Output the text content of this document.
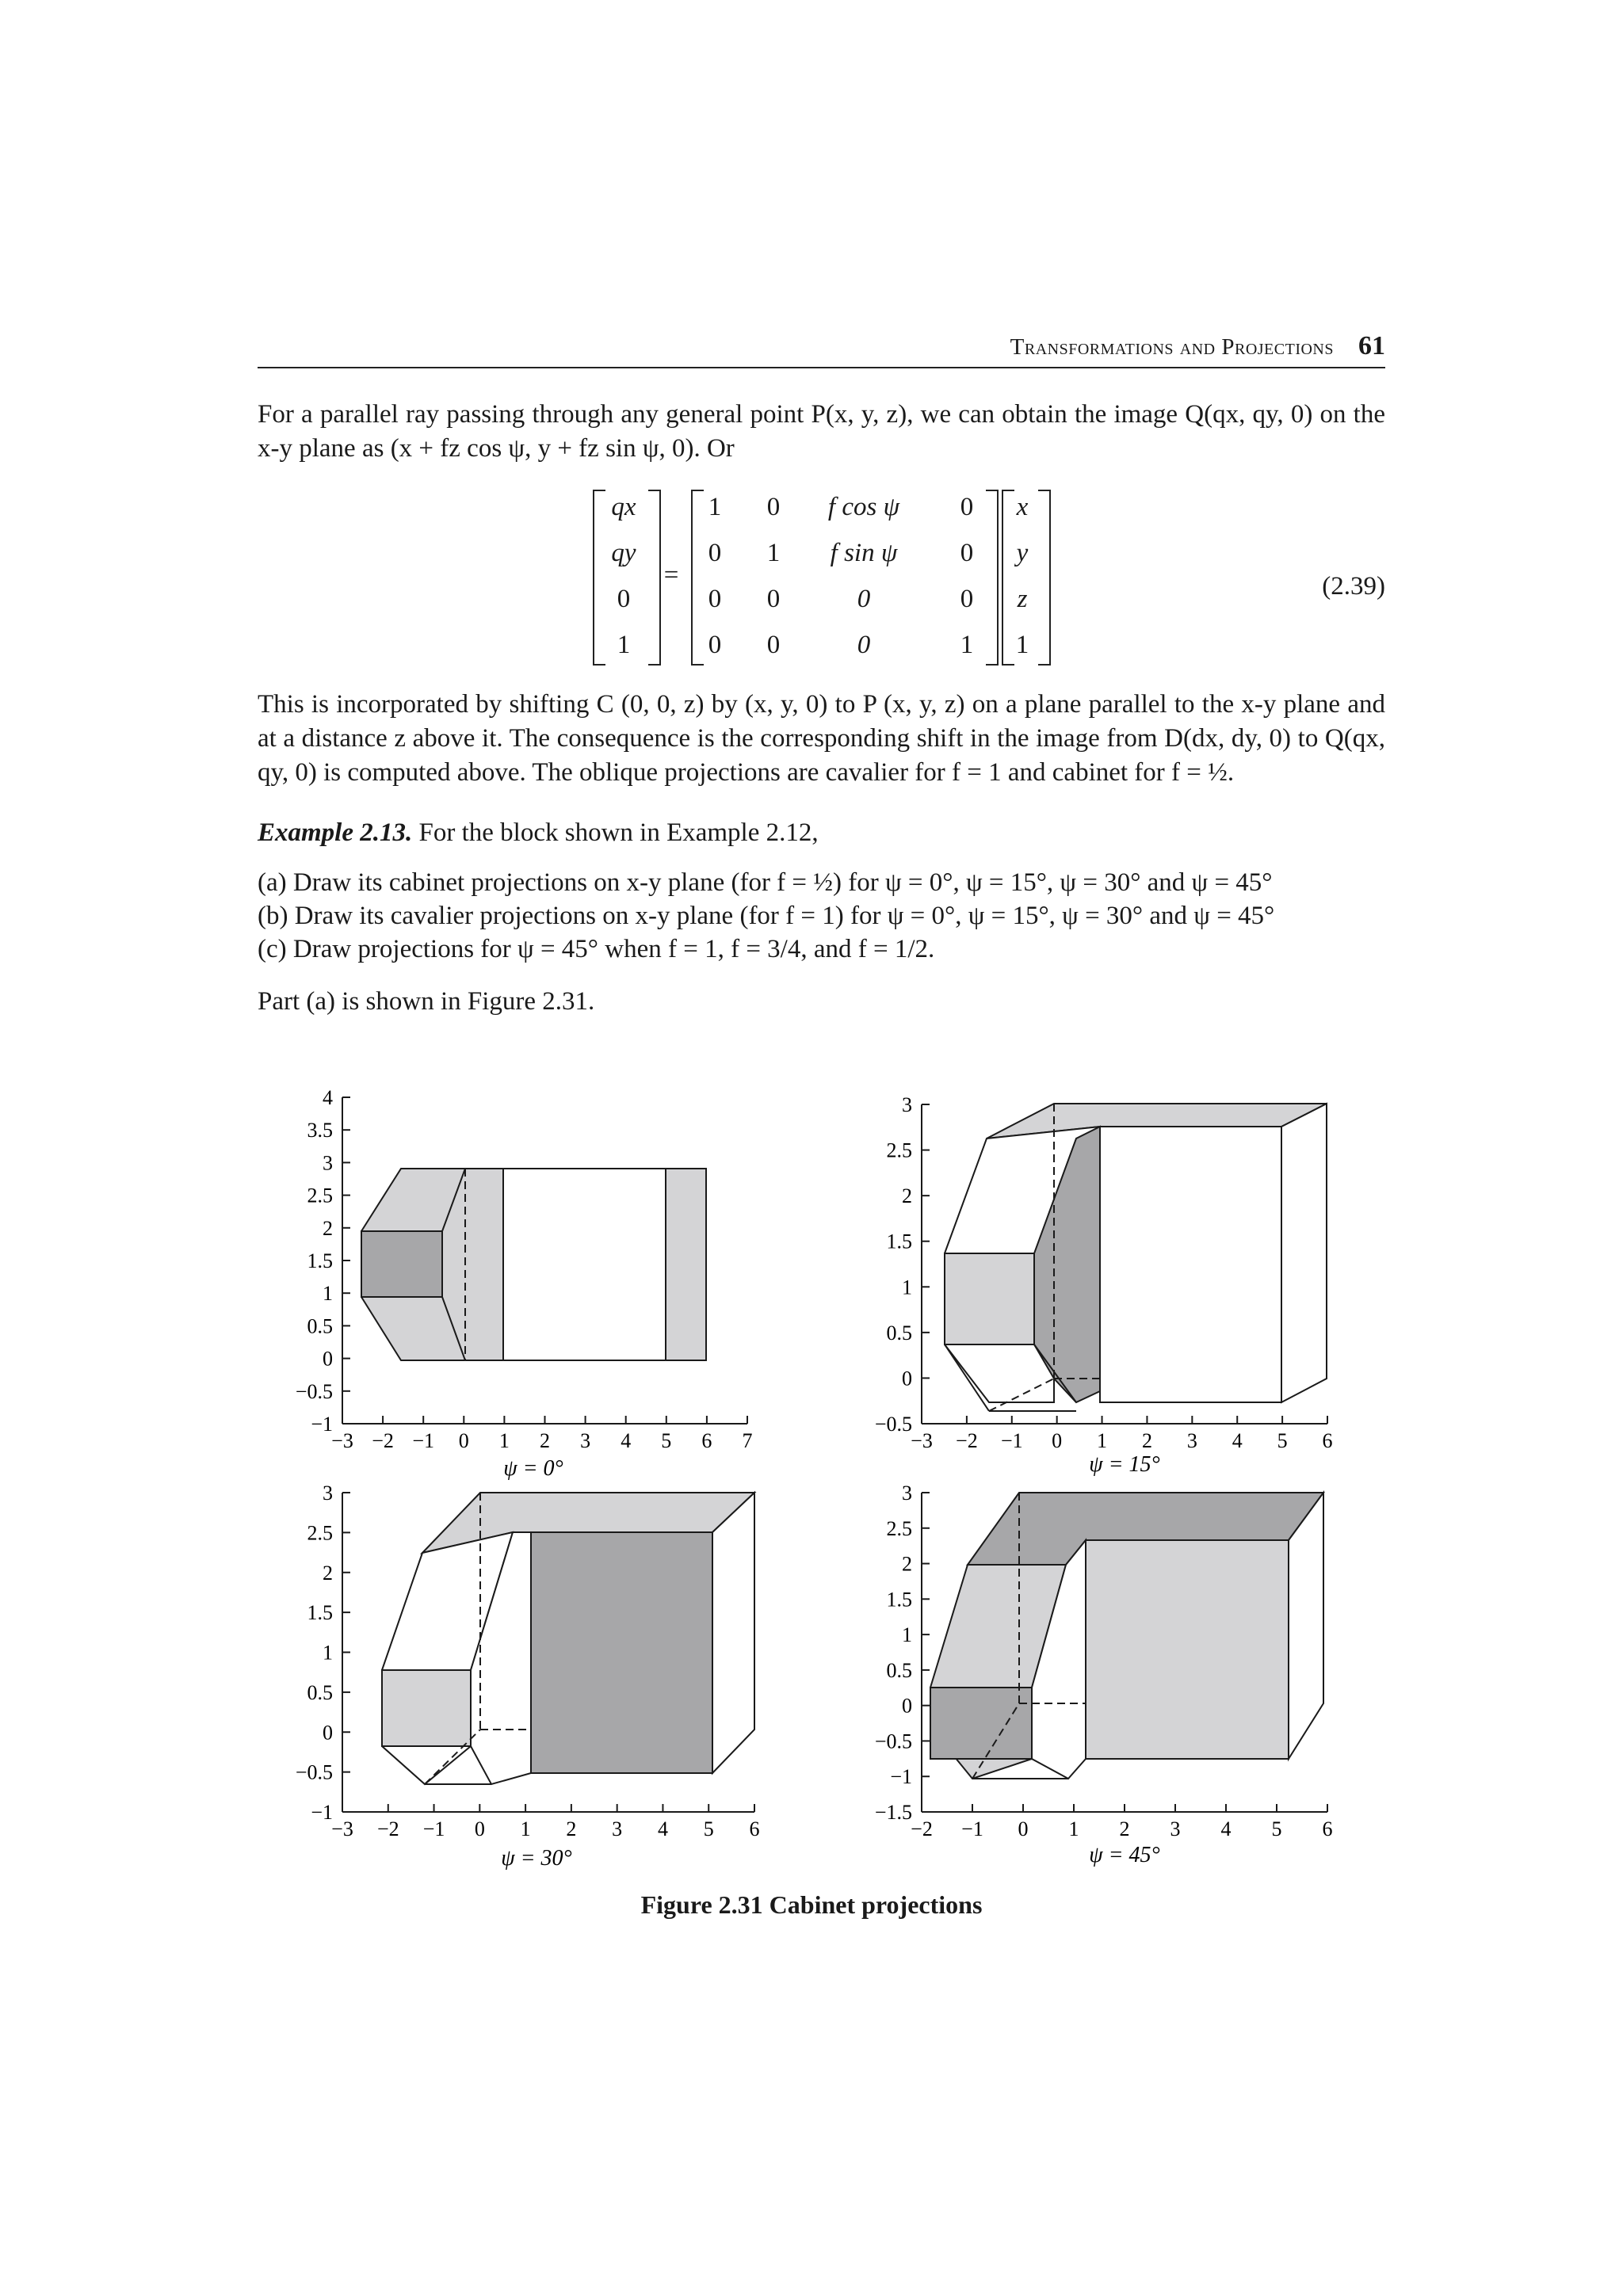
Transformations and Projections 61

For a parallel ray passing through any general point P(x, y, z), we can obtain the image Q(qx, qy, 0) on the x-y plane as (x + fz cos ψ, y + fz sin ψ, 0). Or

qx
qy
0
1
=
1	0	f cos ψ	0
0	1	f sin ψ	0
0	0	0	0
0	0	0	1
x
y
z
1
(2.39)

This is incorporated by shifting C (0, 0, z) by (x, y, 0) to P (x, y, z) on a plane parallel to the x-y plane and at a distance z above it. The consequence is the corresponding shift in the image from D(dx, dy, 0) to Q(qx, qy, 0) is computed above. The oblique projections are cavalier for f = 1 and cabinet for f = ½.

Example 2.13. For the block shown in Example 2.12,

(a) Draw its cabinet projections on x-y plane (for f = ½) for ψ = 0°, ψ = 15°, ψ = 30° and ψ = 45°
(b) Draw its cavalier projections on x-y plane (for f = 1) for ψ = 0°, ψ = 15°, ψ = 30° and ψ = 45°
(c) Draw projections for ψ = 45° when f = 1, f = 3/4, and f = 1/2.
Part (a) is shown in Figure 2.31.
4
3.5
3
2.5
2
1.5
1
0.5
0
−0.5
−1
−3 −2 −1 0 1 2 3 4 5 6 7
ψ = 0°
3
2.5
2
1.5
1
0.5
0
−0.5
−3 −2 −1 0 1 2 3 4 5 6
ψ = 15°
3
2.5
2
1.5
1
0.5
0
−0.5
−1
−3 −2 −1 0 1 2 3 4 5 6
ψ = 30°
3
2.5
2
1.5
1
0.5
0
−0.5
−1
−1.5
−2 −1 0 1 2 3 4 5 6
ψ = 45°
Figure 2.31 Cabinet projections
